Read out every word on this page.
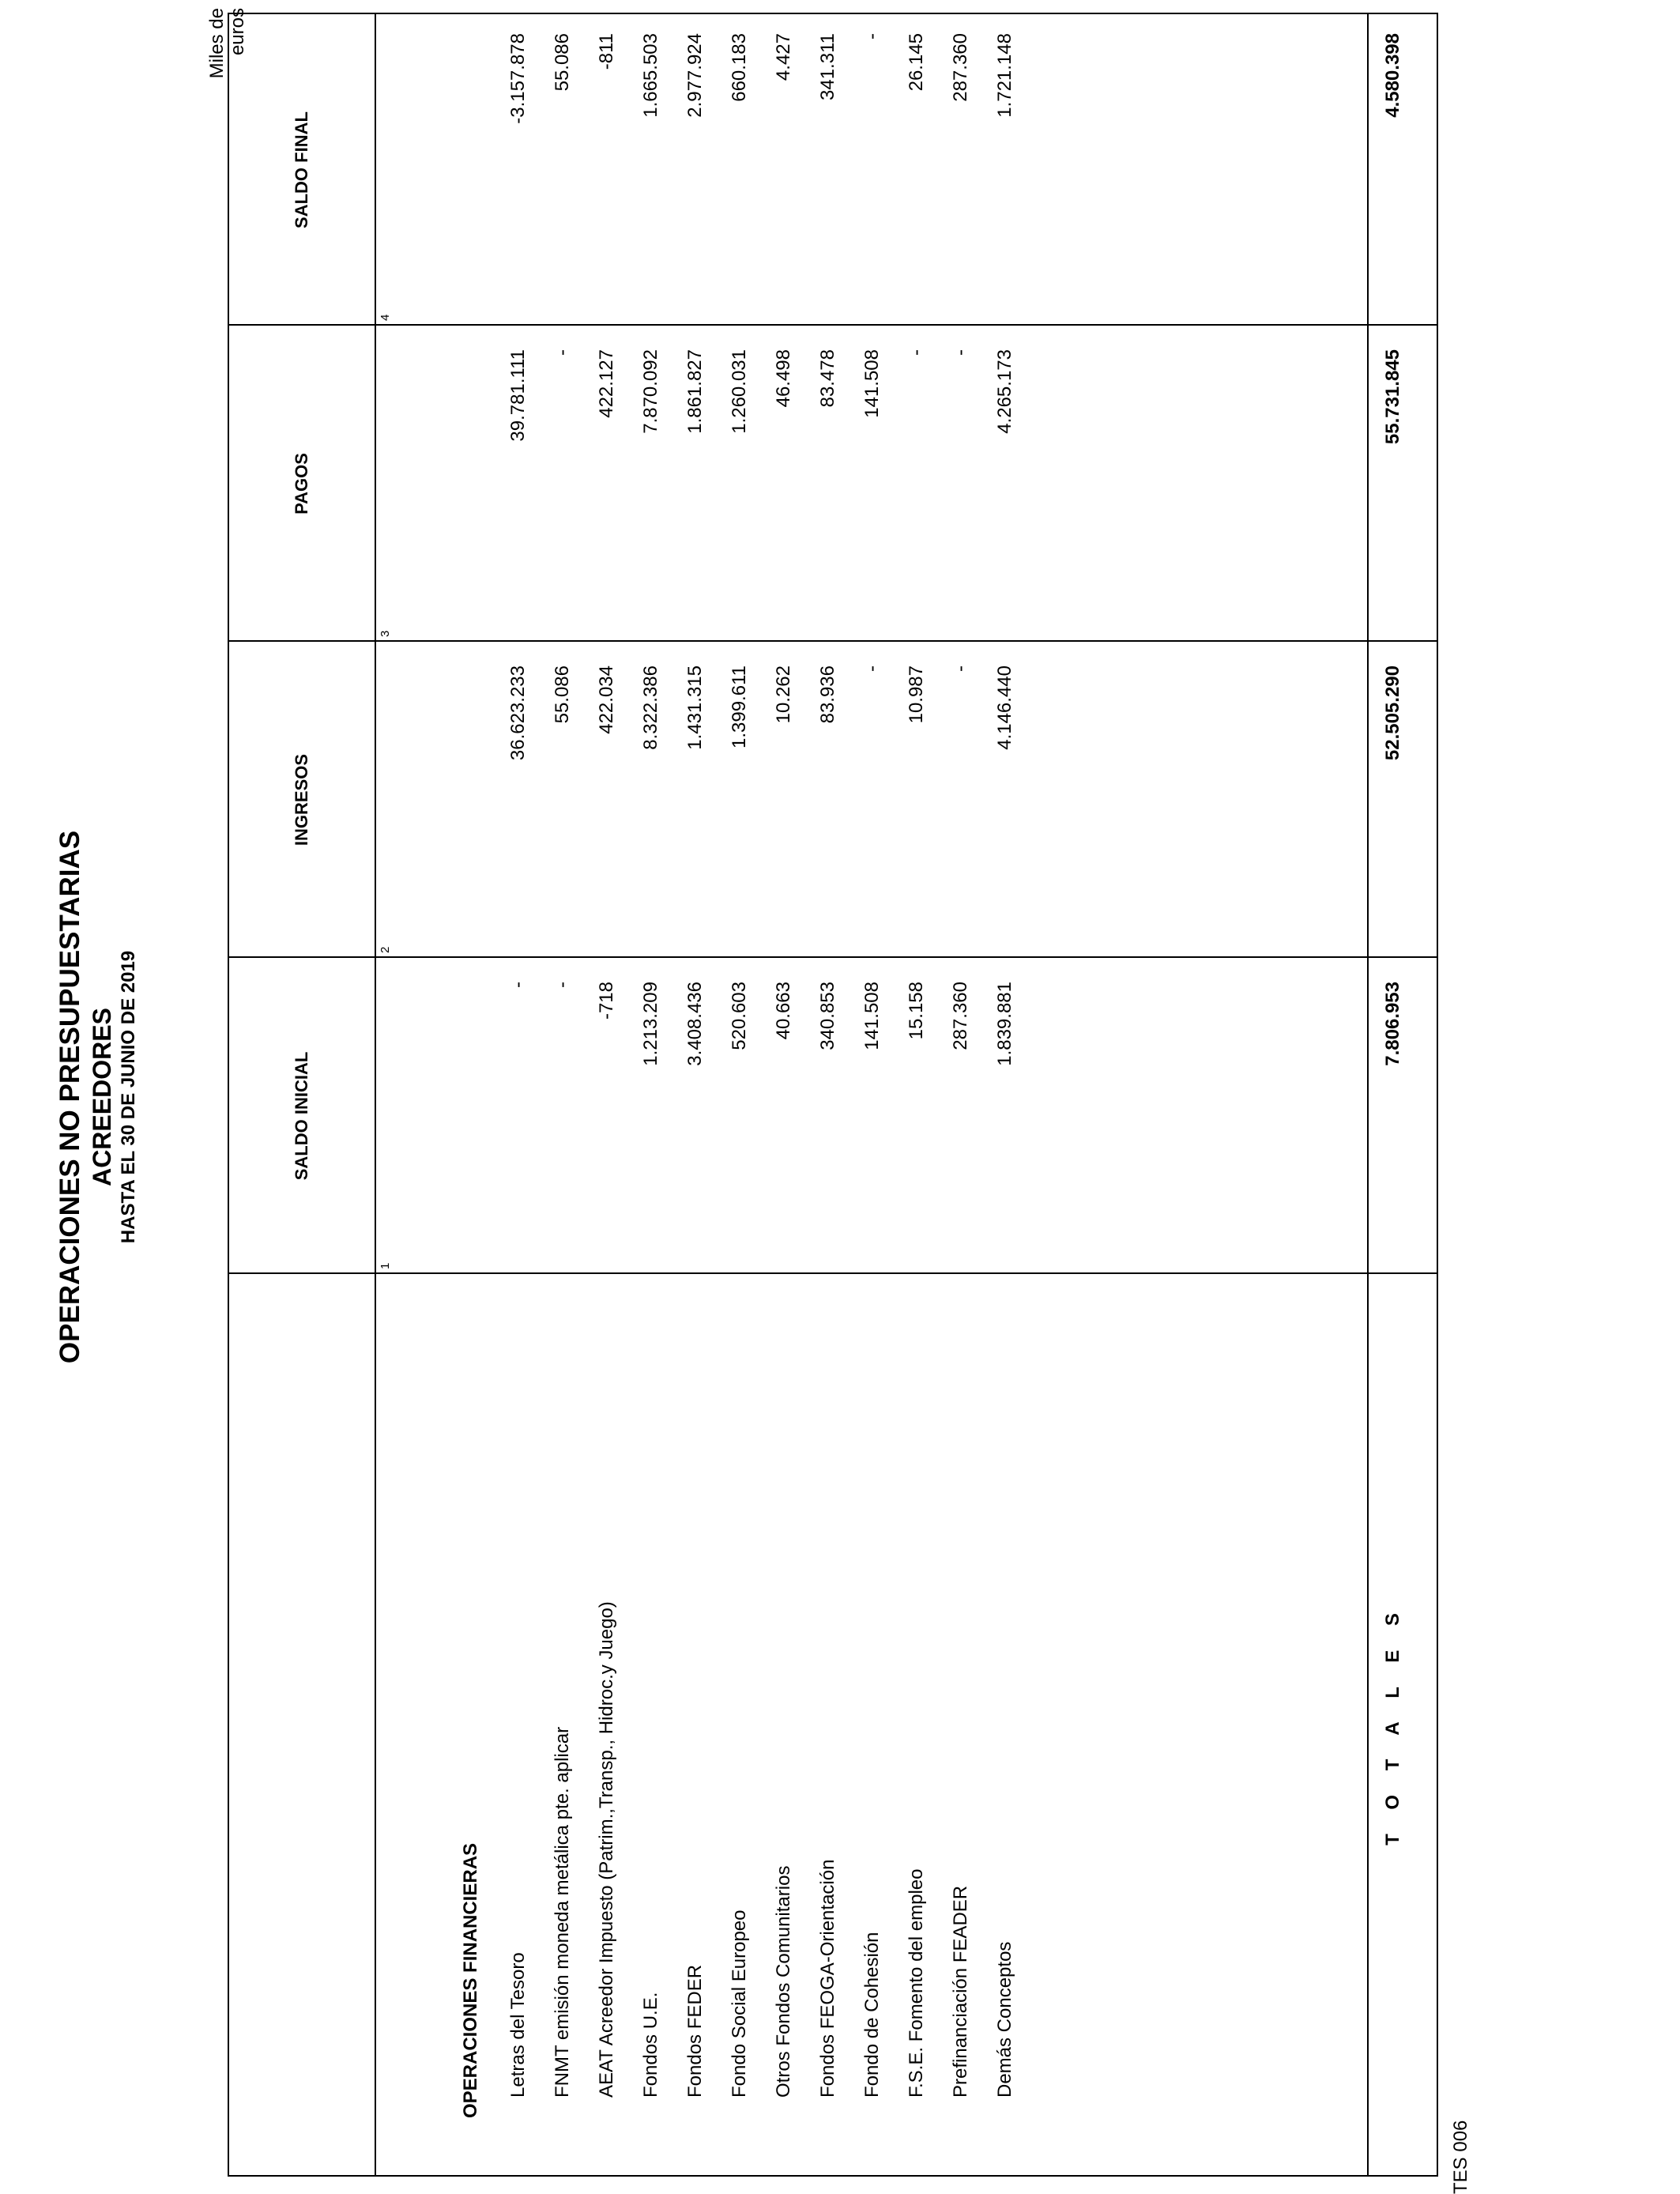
OPERACIONES NO PRESUPUESTARIAS ACREEDORES HASTA EL 30 DE JUNIO DE 2019
Miles de euros
SALDO INICIAL
INGRESOS
PAGOS
SALDO FINAL
1
2
3
4
OPERACIONES FINANCIERAS Letras del Tesoro
-
36.623.233
39.781.111
-3.157.878
FNMT emisión moneda metálica pte. aplicar
-
55.086
-
55.086
AEAT Acreedor Impuesto (Patrim.,Transp., Hidroc.y Juego)
-718
422.034
422.127
-811
Fondos U.E.
1.213.209
8.322.386
7.870.092
1.665.503
Fondos FEDER
3.408.436
1.431.315
1.861.827
2.977.924
Fondo Social Europeo
520.603
1.399.611
1.260.031
660.183
Otros Fondos Comunitarios
40.663
10.262
46.498
4.427
Fondos FEOGA-Orientación
340.853
83.936
83.478
341.311
Fondo de Cohesión
141.508
-
141.508
-
F.S.E. Fomento del empleo
15.158
10.987
-
26.145
Prefinanciación FEADER
287.360
-
-
287.360
Demás Conceptos
1.839.881
4.146.440
4.265.173
1.721.148
T O T A L E S
7.806.953
52.505.290
55.731.845
4.580.398
TES 006
